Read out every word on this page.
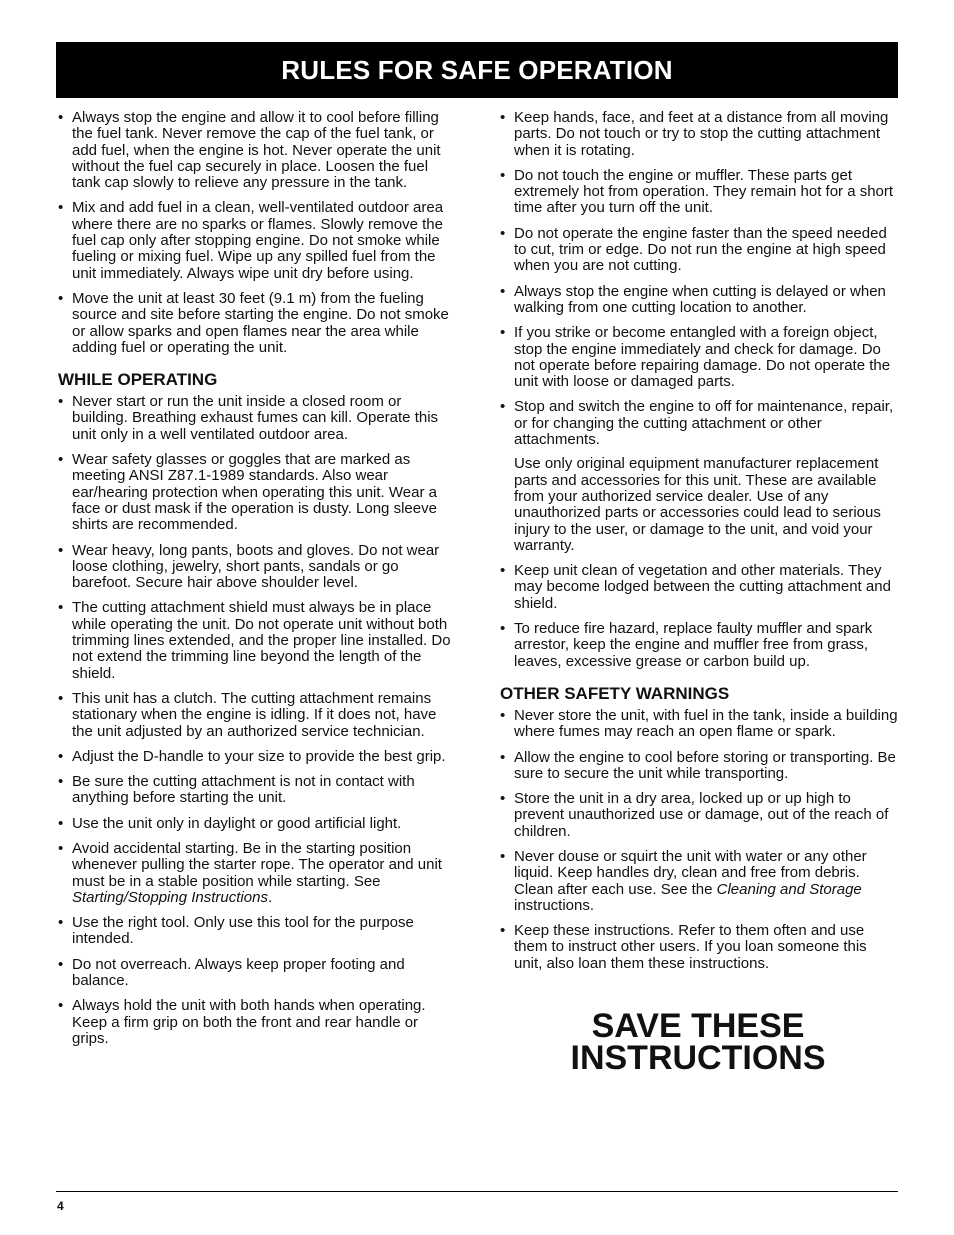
RULES FOR SAFE OPERATION
• Always stop the engine and allow it to cool before filling the fuel tank. Never remove the cap of the fuel tank, or add fuel, when the engine is hot. Never operate the unit without the fuel cap securely in place. Loosen the fuel tank cap slowly to relieve any pressure in the tank.
• Mix and add fuel in a clean, well-ventilated outdoor area where there are no sparks or flames. Slowly remove the fuel cap only after stopping engine. Do not smoke while fueling or mixing fuel. Wipe up any spilled fuel from the unit immediately. Always wipe unit dry before using.
• Move the unit at least 30 feet (9.1 m) from the fueling source and site before starting the engine. Do not smoke or allow sparks and open flames near the area while adding fuel or operating the unit.
WHILE OPERATING
• Never start or run the unit inside a closed room or building. Breathing exhaust fumes can kill. Operate this unit only in a well ventilated outdoor area.
• Wear safety glasses or goggles that are marked as meeting ANSI Z87.1-1989 standards. Also wear ear/hearing protection when operating this unit. Wear a face or dust mask if the operation is dusty. Long sleeve shirts are recommended.
• Wear heavy, long pants, boots and gloves. Do not wear loose clothing, jewelry, short pants, sandals or go barefoot. Secure hair above shoulder level.
• The cutting attachment shield must always be in place while operating the unit. Do not operate unit without both trimming lines extended, and the proper line installed. Do not extend the trimming line beyond the length of the shield.
• This unit has a clutch. The cutting attachment remains stationary when the engine is idling. If it does not, have the unit adjusted by an authorized service technician.
• Adjust the D-handle to your size to provide the best grip.
• Be sure the cutting attachment is not in contact with anything before starting the unit.
• Use the unit only in daylight or good artificial light.
• Avoid accidental starting. Be in the starting position whenever pulling the starter rope. The operator and unit must be in a stable position while starting. See Starting/Stopping Instructions.
• Use the right tool. Only use this tool for the purpose intended.
• Do not overreach. Always keep proper footing and balance.
• Always hold the unit with both hands when operating. Keep a firm grip on both the front and rear handle or grips.
• Keep hands, face, and feet at a distance from all moving parts. Do not touch or try to stop the cutting attachment when it is rotating.
• Do not touch the engine or muffler. These parts get extremely hot from operation. They remain hot for a short time after you turn off the unit.
• Do not operate the engine faster than the speed needed to cut, trim or edge. Do not run the engine at high speed when you are not cutting.
• Always stop the engine when cutting is delayed or when walking from one cutting location to another.
• If you strike or become entangled with a foreign object, stop the engine immediately and check for damage. Do not operate before repairing damage. Do not operate the unit with loose or damaged parts.
• Stop and switch the engine to off for maintenance, repair, or for changing the cutting attachment or other attachments.
Use only original equipment manufacturer replacement parts and accessories for this unit. These are available from your authorized service dealer. Use of any unauthorized parts or accessories could lead to serious injury to the user, or damage to the unit, and void your warranty.
• Keep unit clean of vegetation and other materials. They may become lodged between the cutting attachment and shield.
• To reduce fire hazard, replace faulty muffler and spark arrestor, keep the engine and muffler free from grass, leaves, excessive grease or carbon build up.
OTHER SAFETY WARNINGS
• Never store the unit, with fuel in the tank, inside a building where fumes may reach an open flame or spark.
• Allow the engine to cool before storing or transporting. Be sure to secure the unit while transporting.
• Store the unit in a dry area, locked up or up high to prevent unauthorized use or damage, out of the reach of children.
• Never douse or squirt the unit with water or any other liquid. Keep handles dry, clean and free from debris. Clean after each use. See the Cleaning and Storage instructions.
• Keep these instructions. Refer to them often and use them to instruct other users. If you loan someone this unit, also loan them these instructions.
SAVE THESE
INSTRUCTIONS
4
